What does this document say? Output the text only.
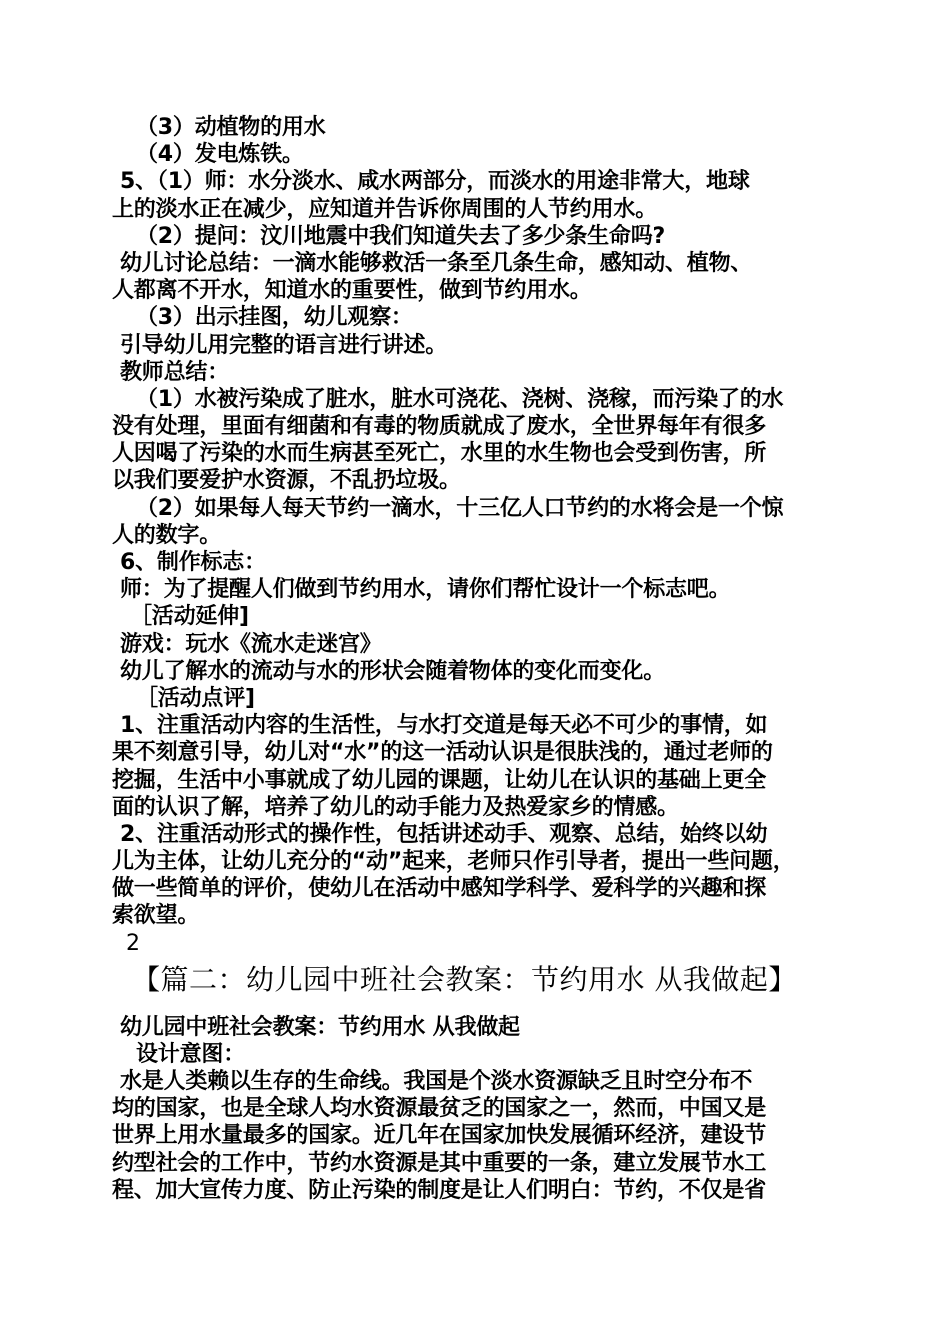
（3）动植物的用水
（4）发电炼铁。
5、（1）师：水分淡水、咸水两部分，而淡水的用途非常大，地球
上的淡水正在减少，应知道并告诉你周围的人节约用水。
（2）提问：汶川地震中我们知道失去了多少条生命吗?
幼儿讨论总结：一滴水能够救活一条至几条生命，感知动、植物、
人都离不开水，知道水的重要性，做到节约用水。
（3）出示挂图，幼儿观察：
引导幼儿用完整的语言进行讲述。
教师总结：
（1）水被污染成了脏水，脏水可浇花、浇树、浇稼，而污染了的水
没有处理，里面有细菌和有毒的物质就成了废水，全世界每年有很多
人因喝了污染的水而生病甚至死亡，水里的水生物也会受到伤害，所
以我们要爱护水资源，不乱扔垃圾。
（2）如果每人每天节约一滴水，十三亿人口节约的水将会是一个惊
人的数字。
6、制作标志：
师：为了提醒人们做到节约用水，请你们帮忙设计一个标志吧。
［活动延伸]
游戏：玩水《流水走迷宫》
幼儿了解水的流动与水的形状会随着物体的变化而变化。
［活动点评]
1、注重活动内容的生活性，与水打交道是每天必不可少的事情，如
果不刻意引导，幼儿对“水”的这一活动认识是很肤浅的，通过老师的
挖掘，生活中小事就成了幼儿园的课题，让幼儿在认识的基础上更全
面的认识了解，培养了幼儿的动手能力及热爱家乡的情感。
2、注重活动形式的操作性，包括讲述动手、观察、总结，始终以幼
儿为主体，让幼儿充分的“动”起来，老师只作引导者，提出一些问题，
做一些简单的评价，使幼儿在活动中感知学科学、爱科学的兴趣和探
索欲望。
2
【篇二：幼儿园中班社会教案：节约用水 从我做起】
幼儿园中班社会教案：节约用水 从我做起
设计意图：
水是人类赖以生存的生命线。我国是个淡水资源缺乏且时空分布不
均的国家，也是全球人均水资源最贫乏的国家之一，然而，中国又是
世界上用水量最多的国家。近几年在国家加快发展循环经济，建设节
约型社会的工作中，节约水资源是其中重要的一条，建立发展节水工
程、加大宣传力度、防止污染的制度是让人们明白：节约，不仅是省
